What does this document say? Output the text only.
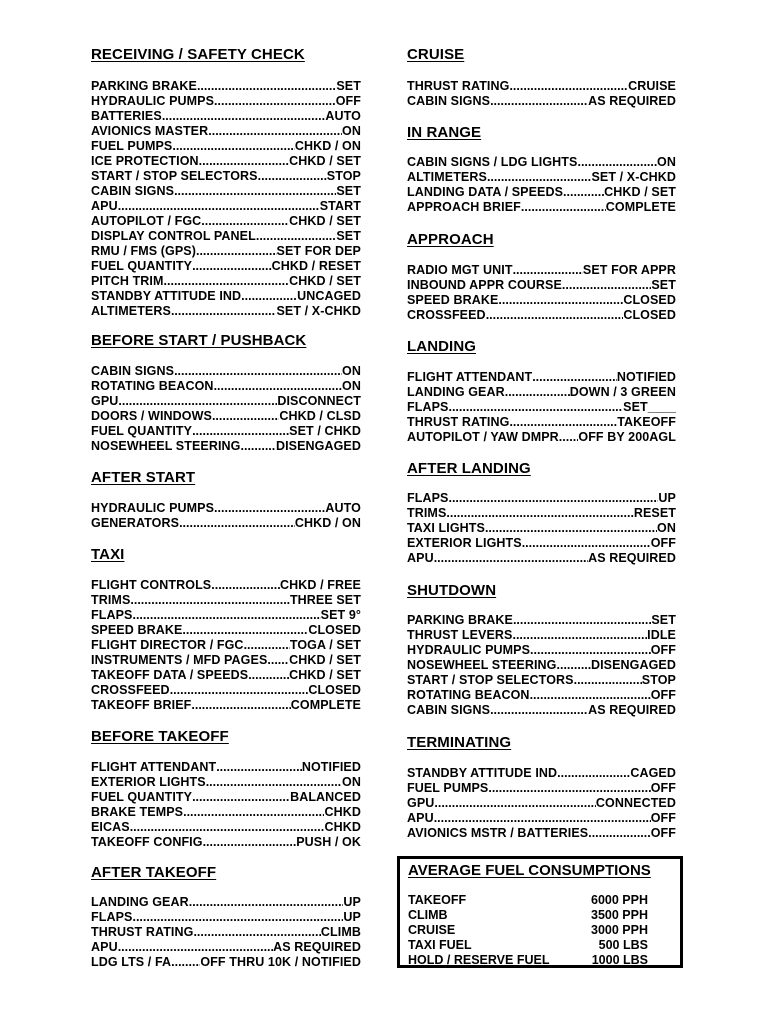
RECEIVING / SAFETY CHECK
PARKING BRAKE .....	SET
HYDRAULIC PUMPS .....	OFF
BATTERIES .....	AUTO
AVIONICS MASTER .....	ON
FUEL PUMPS .....	CHKD / ON
ICE PROTECTION .....	CHKD / SET
START / STOP SELECTORS .....	STOP
CABIN SIGNS .....	SET
APU .....	START
AUTOPILOT / FGC .....	CHKD / SET
DISPLAY CONTROL PANEL .....	SET
RMU / FMS (GPS) .....	SET FOR DEP
FUEL QUANTITY .....	CHKD / RESET
PITCH TRIM .....	CHKD / SET
STANDBY ATTITUDE IND .....	UNCAGED
ALTIMETERS .....	SET / X-CHKD
BEFORE START / PUSHBACK
CABIN SIGNS .....	ON
ROTATING BEACON .....	ON
GPU .....	DISCONNECT
DOORS / WINDOWS .....	CHKD / CLSD
FUEL QUANTITY .....	SET / CHKD
NOSEWHEEL STEERING .....	DISENGAGED
AFTER START
HYDRAULIC PUMPS .....	AUTO
GENERATORS .....	CHKD / ON
TAXI
FLIGHT CONTROLS .....	CHKD / FREE
TRIMS .....	THREE SET
FLAPS .....	SET 9°
SPEED BRAKE .....	CLOSED
FLIGHT DIRECTOR / FGC .....	TOGA / SET
INSTRUMENTS / MFD PAGES ..... CHKD / SET
TAKEOFF DATA / SPEEDS .....	CHKD / SET
CROSSFEED .....	CLOSED
TAKEOFF BRIEF .....	COMPLETE
BEFORE TAKEOFF
FLIGHT ATTENDANT .....	NOTIFIED
EXTERIOR LIGHTS .....	ON
FUEL QUANTITY .....	BALANCED
BRAKE TEMPS .....	CHKD
EICAS .....	CHKD
TAKEOFF CONFIG .....	PUSH / OK
AFTER TAKEOFF
LANDING GEAR .....	UP
FLAPS .....	UP
THRUST RATING .....	CLIMB
APU .....	AS REQUIRED
LDG LTS / FA ..... OFF THRU 10K / NOTIFIED
CRUISE
THRUST RATING .....	CRUISE
CABIN SIGNS .....	AS REQUIRED
IN RANGE
CABIN SIGNS / LDG LIGHTS .....	ON
ALTIMETERS .....	SET / X-CHKD
LANDING DATA / SPEEDS .....	CHKD / SET
APPROACH BRIEF .....	COMPLETE
APPROACH
RADIO MGT UNIT .....	SET FOR APPR
INBOUND APPR COURSE .....	SET
SPEED BRAKE .....	CLOSED
CROSSFEED .....	CLOSED
LANDING
FLIGHT ATTENDANT .....	NOTIFIED
LANDING GEAR .....	DOWN / 3 GREEN
FLAPS .....	SET____
THRUST RATING .....	TAKEOFF
AUTOPILOT / YAW DMPR ..... OFF BY 200AGL
AFTER LANDING
FLAPS .....	UP
TRIMS .....	RESET
TAXI LIGHTS .....	ON
EXTERIOR LIGHTS .....	OFF
APU .....	AS REQUIRED
SHUTDOWN
PARKING BRAKE .....	SET
THRUST LEVERS .....	IDLE
HYDRAULIC PUMPS .....	OFF
NOSEWHEEL STEERING .....	DISENGAGED
START / STOP SELECTORS .....	STOP
ROTATING BEACON .....	OFF
CABIN SIGNS .....	AS REQUIRED
TERMINATING
STANDBY ATTITUDE IND .....	CAGED
FUEL PUMPS .....	OFF
GPU .....	CONNECTED
APU .....	OFF
AVIONICS MSTR / BATTERIES .....	OFF
AVERAGE FUEL CONSUMPTIONS
TAKEOFF	6000 PPH
CLIMB	3500 PPH
CRUISE	3000 PPH
TAXI FUEL	500 LBS
HOLD / RESERVE FUEL	1000 LBS
